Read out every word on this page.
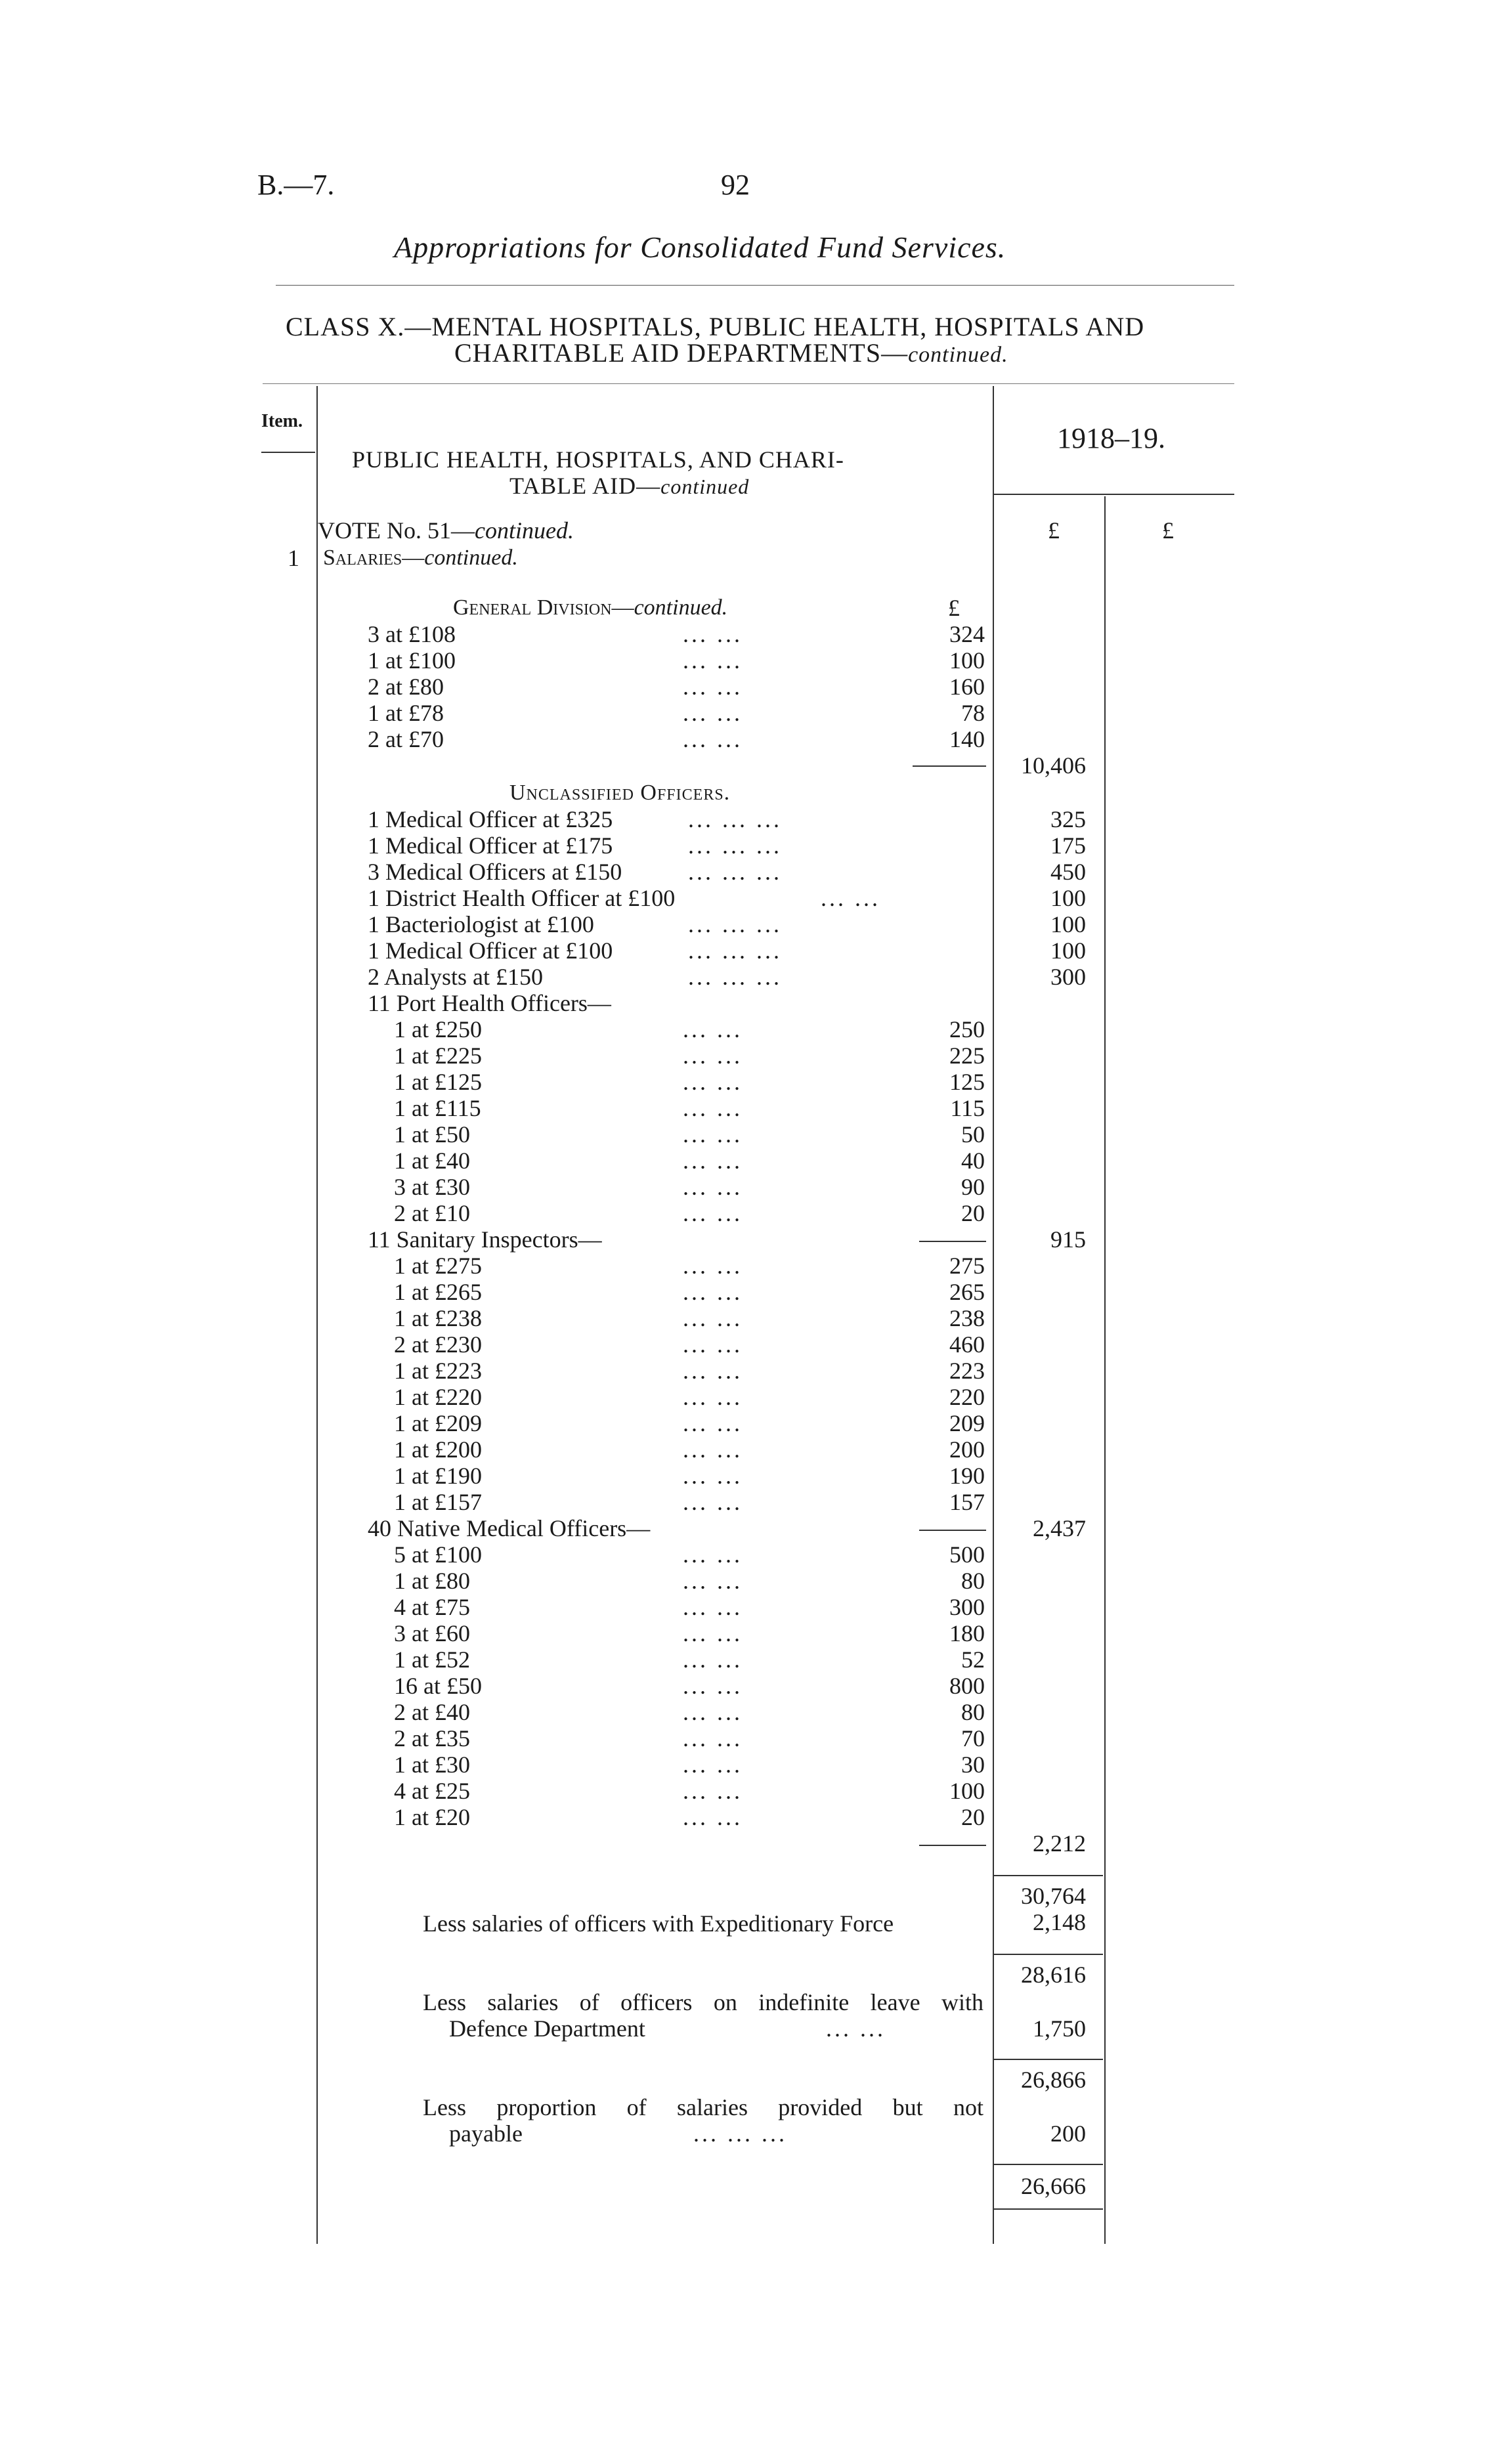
B.—7.	92
Appropriations for Consolidated Fund Services.
CLASS X.—MENTAL HOSPITALS, PUBLIC HEALTH, HOSPITALS AND
CHARITABLE AID DEPARTMENTS—continued.
Item.
PUBLIC HEALTH, HOSPITALS, AND CHARI-
TABLE AID—continued
1918–19.
£	£
VOTE No. 51—continued.
1 Salaries—continued.
General Division—continued.	£
3 at £108	... ...	324
1 at £100	... ...	100
2 at £80	... ...	160
1 at £78	... ...	78
2 at £70	... ...	140
10,406
Unclassified Officers.
1 Medical Officer at £325	... ... ...	325
1 Medical Officer at £175	... ... ...	175
3 Medical Officers at £150	... ... ...	450
1 District Health Officer at £100	... ...	100
1 Bacteriologist at £100	... ... ...	100
1 Medical Officer at £100	... ... ...	100
2 Analysts at £150	... ... ...	300
11 Port Health Officers—
1 at £250	... ...	250
1 at £225	... ...	225
1 at £125	... ...	125
1 at £115	... ...	115
1 at £50	... ...	50
1 at £40	... ...	40
3 at £30	... ...	90
2 at £10	... ...	20
915
11 Sanitary Inspectors—
1 at £275	... ...	275
1 at £265	... ...	265
1 at £238	... ...	238
2 at £230	... ...	460
1 at £223	... ...	223
1 at £220	... ...	220
1 at £209	... ...	209
1 at £200	... ...	200
1 at £190	... ...	190
1 at £157	... ...	157
2,437
40 Native Medical Officers—
5 at £100	... ...	500
1 at £80	... ...	80
4 at £75	... ...	300
3 at £60	... ...	180
1 at £52	... ...	52
16 at £50	... ...	800
2 at £40	... ...	80
2 at £35	... ...	70
1 at £30	... ...	30
4 at £25	... ...	100
1 at £20	... ...	20
2,212
30,764
Less salaries of officers with Expeditionary Force	2,148
28,616
Less salaries of officers on indefinite leave with
Defence Department	... ...	1,750
26,866
Less proportion of salaries provided but not
payable	... ... ...	200
26,666
